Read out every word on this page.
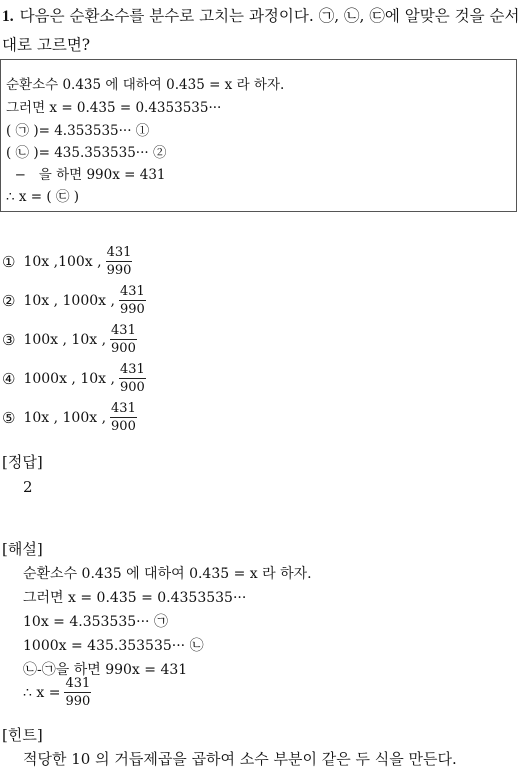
1. 다음은 순환소수를 분수로 고치는 과정이다. ㉠, ㉡, ㉢에 알맞은 것을 순서대로 고르면?
순환소수 0.43̇5̇ 에 대하여 0.43̇5̇ = x 라 하자.
그러면 x = 0.43̇5̇ = 0.4353535···
( ㉠ )= 4.353535··· ①
( ㉡ )= 435.353535··· ②
−   을 하면 990x = 431
∴ x = ( ㉢ )
① 10x ,100x , $\frac{431}{990}$
② 10x , 1000x , $\frac{431}{990}$
③ 100x , 10x , $\frac{431}{900}$
④ 1000x , 10x , $\frac{431}{900}$
⑤ 10x , 100x , $\frac{431}{900}$
[정답]
2
[해설]
순환소수 0.43̇5̇ 에 대하여 0.43̇5̇ = x 라 하자.
그러면 x = 0.43̇5̇ = 0.4353535···
10x = 4.353535··· ㉠
1000x = 435.353535··· ㉡
㉡-㉠을 하면 990x = 431
∴ $x = \frac{431}{990}$
[힌트]
적당한 10 의 거듭제곱을 곱하여 소수 부분이 같은 두 식을 만든다.
